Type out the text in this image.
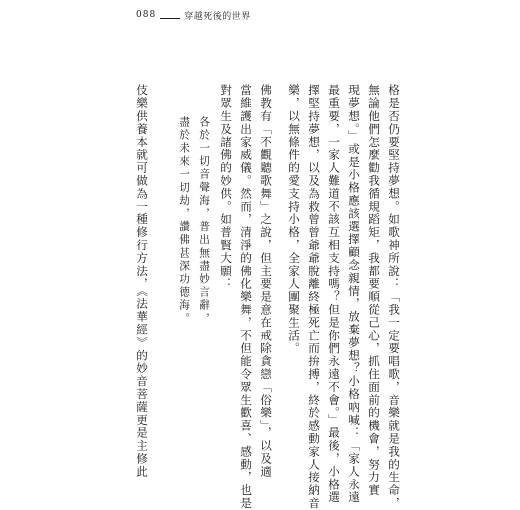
088	穿越死後的世界
格是否仍要堅持夢想。如歌神所說：「我一定要唱歌，音樂就是我的生命，
無論他們怎麼勸我循規蹈矩，我都要順從己心，抓住面前的機會，努力實
現夢想。」或是小格應該選擇顧念親情，放棄夢想？小格吶喊：「家人永遠
最重要，一家人難道不該互相支持嗎？但是你們永遠不會。」最後，小格選
擇堅持夢想，以及為救曾曾爺爺脫離終極死亡而拚搏，終於感動家人接納音
樂，以無條件的愛支持小格，全家人團聚生活。
佛教有「不觀聽歌舞」之說，但主要是意在戒除貪戀「俗樂」，以及適
當維護出家威儀。然而，清淨的佛化樂舞，不但能令眾生歡喜、感動，也是
對眾生及諸佛的妙供。如普賢大願：
各於一切音聲海，普出無盡妙言辭，
盡於未來一切劫，讚佛甚深功德海。
伎樂供養本就可做為一種修行方法，《法華經》的妙音菩薩更是主修此
